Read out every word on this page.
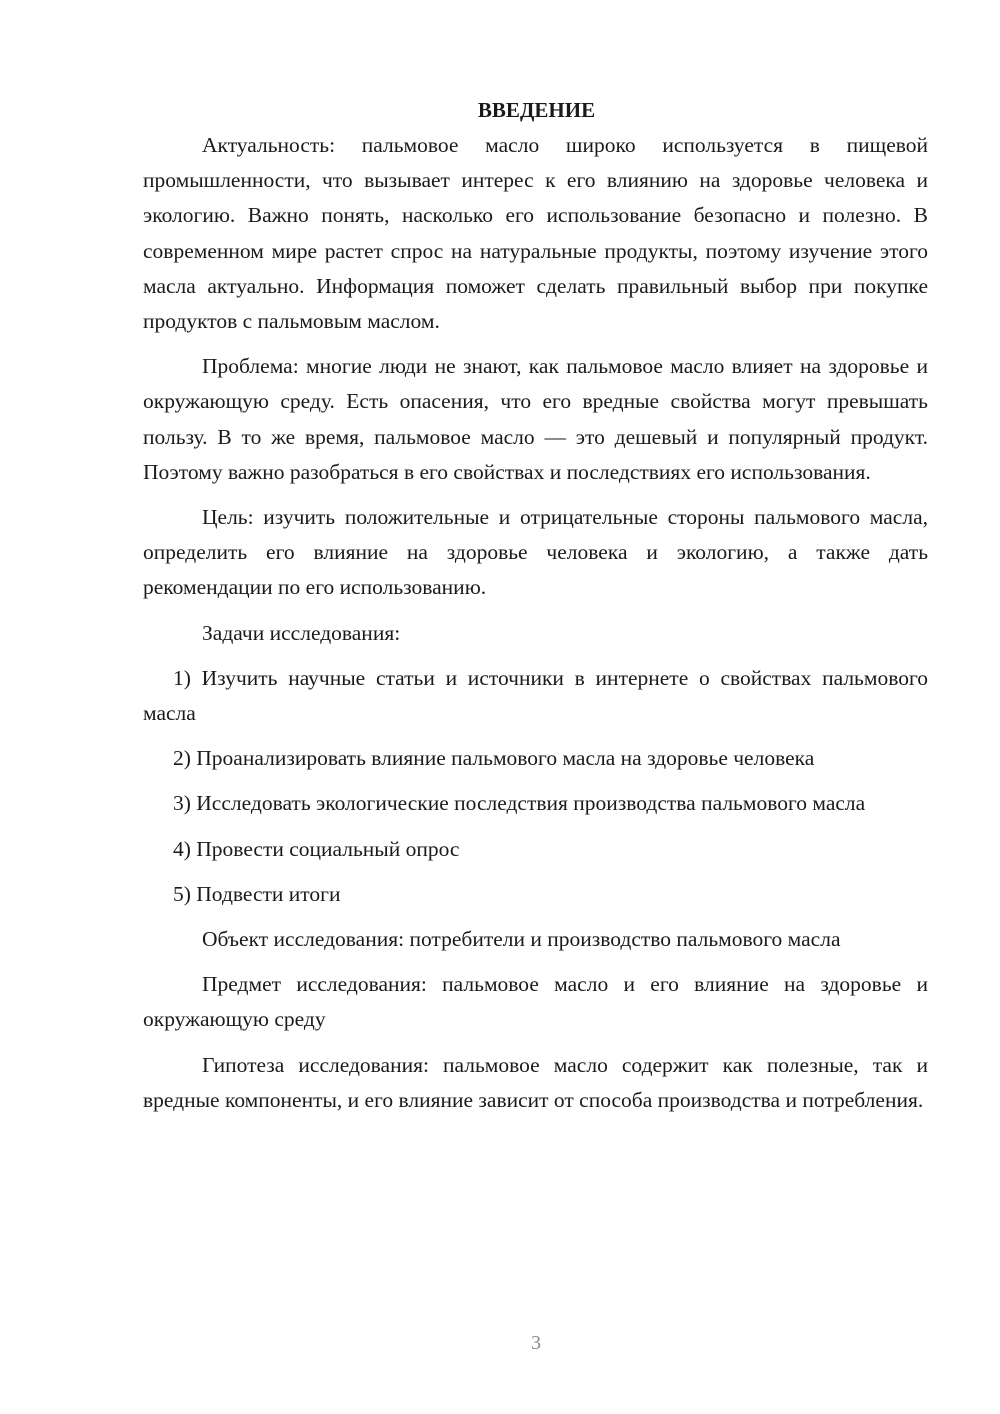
ВВЕДЕНИЕ

Актуальность: пальмовое масло широко используется в пищевой промышленности, что вызывает интерес к его влиянию на здоровье человека и экологию. Важно понять, насколько его использование безопасно и полезно. В современном мире растет спрос на натуральные продукты, поэтому изучение этого масла актуально. Информация поможет сделать правильный выбор при покупке продуктов с пальмовым маслом.

Проблема: многие люди не знают, как пальмовое масло влияет на здоровье и окружающую среду. Есть опасения, что его вредные свойства могут превышать пользу. В то же время, пальмовое масло — это дешевый и популярный продукт. Поэтому важно разобраться в его свойствах и последствиях его использования.

Цель: изучить положительные и отрицательные стороны пальмового масла, определить его влияние на здоровье человека и экологию, а также дать рекомендации по его использованию.

Задачи исследования:

1) Изучить научные статьи и источники в интернете о свойствах пальмового масла

2) Проанализировать влияние пальмового масла на здоровье человека

3) Исследовать экологические последствия производства пальмового масла

4) Провести социальный опрос

5) Подвести итоги

Объект исследования: потребители и производство пальмового масла

Предмет исследования: пальмовое масло и его влияние на здоровье и окружающую среду

Гипотеза исследования: пальмовое масло содержит как полезные, так и вредные компоненты, и его влияние зависит от способа производства и потребления.

3
